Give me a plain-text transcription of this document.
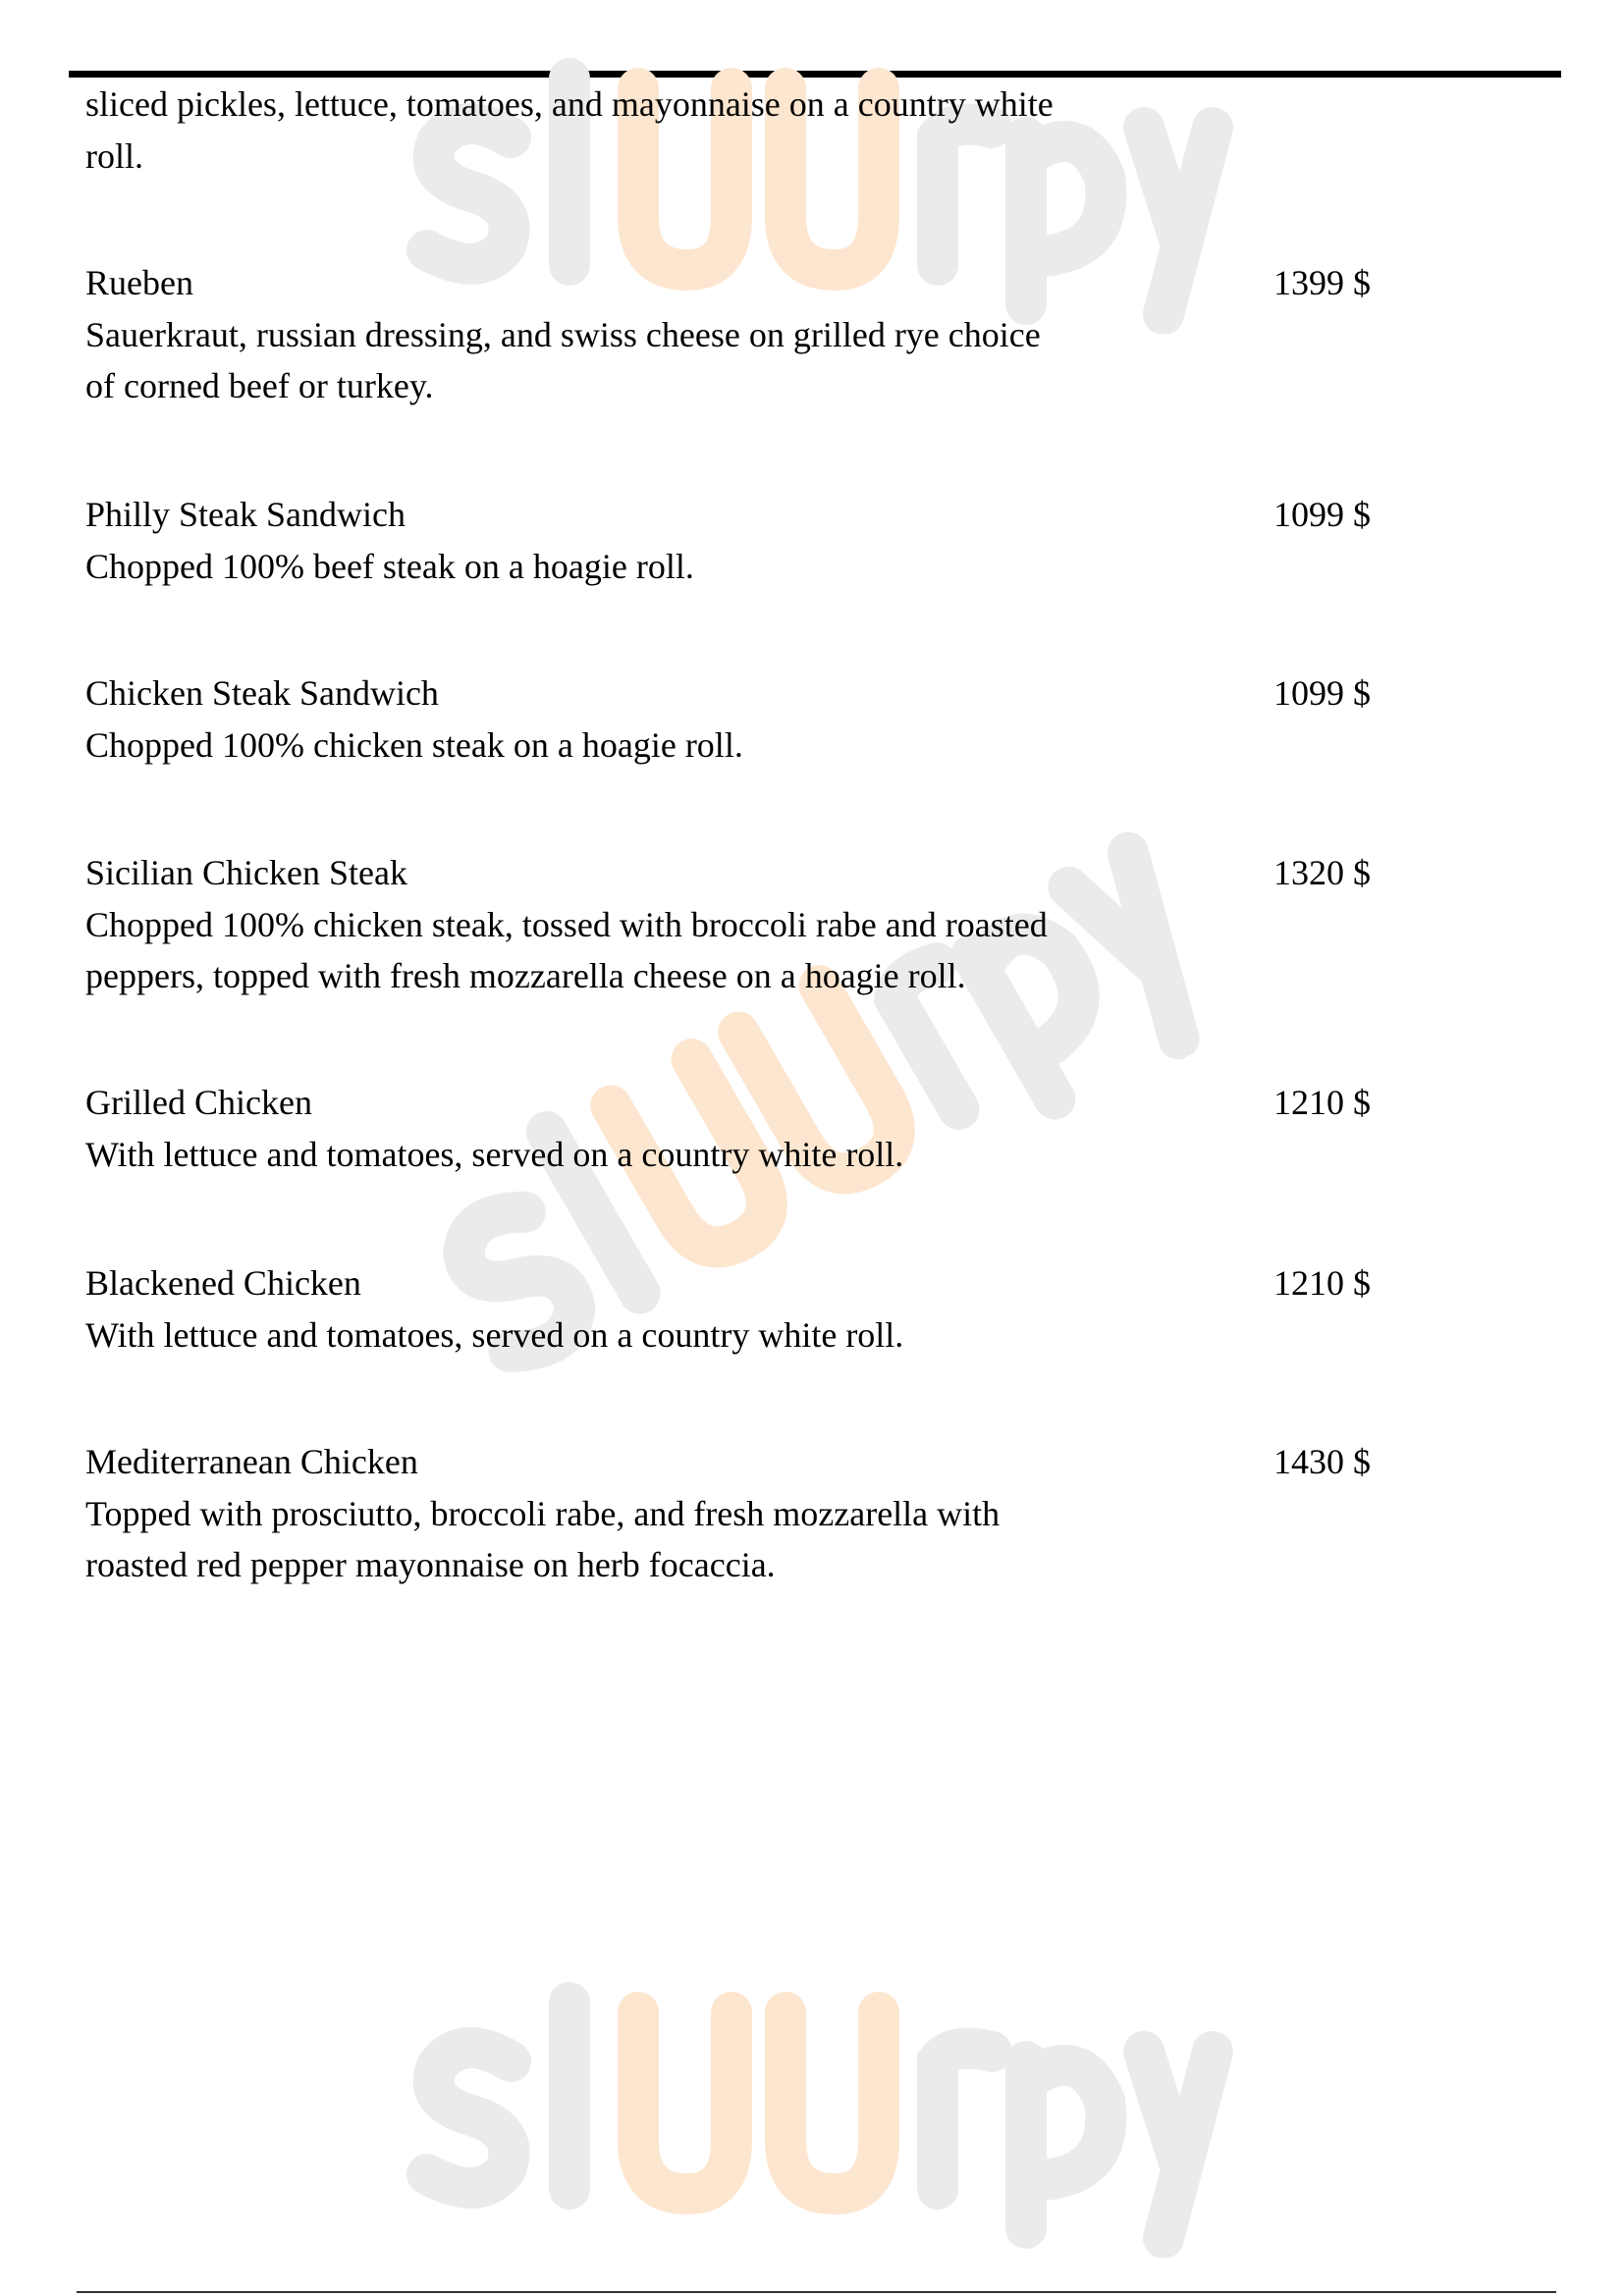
sliced pickles, lettuce, tomatoes, and mayonnaise on a country white
roll.
Rueben	1399 $
Sauerkraut, russian dressing, and swiss cheese on grilled rye choice
of corned beef or turkey.
Philly Steak Sandwich	1099 $
Chopped 100% beef steak on a hoagie roll.
Chicken Steak Sandwich	1099 $
Chopped 100% chicken steak on a hoagie roll.
Sicilian Chicken Steak	1320 $
Chopped 100% chicken steak, tossed with broccoli rabe and roasted
peppers, topped with fresh mozzarella cheese on a hoagie roll.
Grilled Chicken	1210 $
With lettuce and tomatoes, served on a country white roll.
Blackened Chicken	1210 $
With lettuce and tomatoes, served on a country white roll.
Mediterranean Chicken	1430 $
Topped with prosciutto, broccoli rabe, and fresh mozzarella with
roasted red pepper mayonnaise on herb focaccia.
